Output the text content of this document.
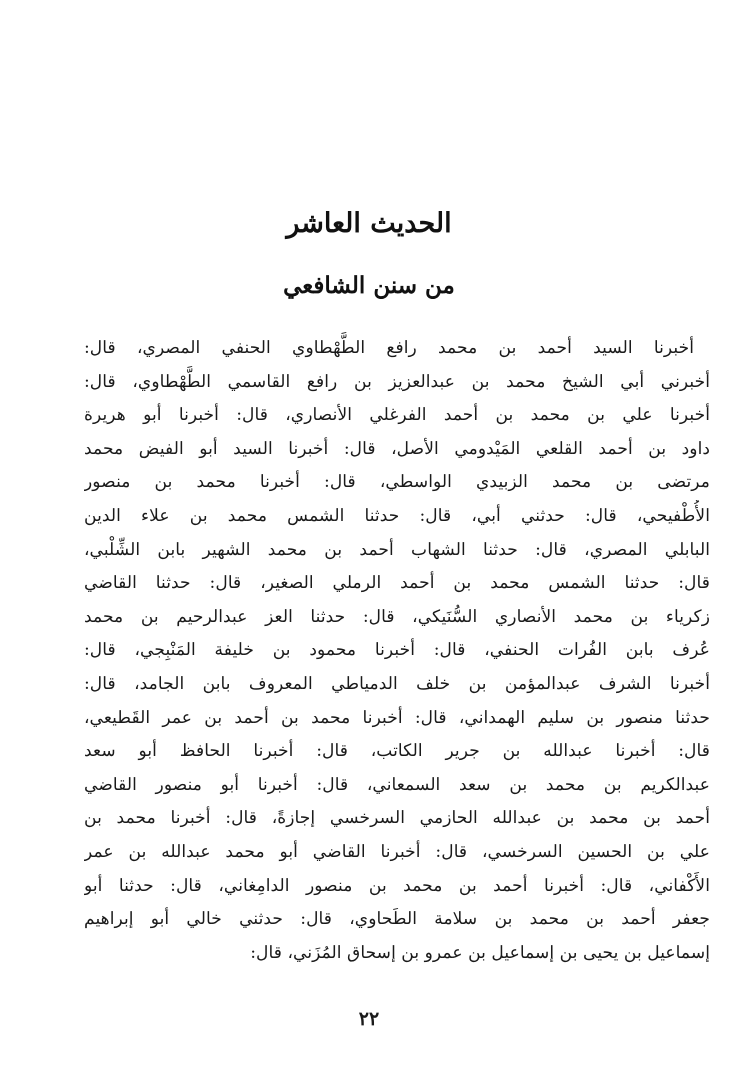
الحديث العاشر
من سنن الشافعي
أخبرنا السيد أحمد بن محمد رافع الطَّهْطاوي الحنفي المصري، قال:
أخبرني أبي الشيخ محمد بن عبدالعزيز بن رافع القاسمي الطَّهْطاوي، قال:
أخبرنا علي بن محمد بن أحمد الفرغلي الأنصاري، قال: أخبرنا أبو هريرة
داود بن أحمد القلعي المَيْدومي الأصل، قال: أخبرنا السيد أبو الفيض محمد
مرتضى بن محمد الزبيدي الواسطي، قال: أخبرنا محمد بن منصور
الأُطْفيحي، قال: حدثني أبي، قال: حدثنا الشمس محمد بن علاء الدين
البابلي المصري، قال: حدثنا الشهاب أحمد بن محمد الشهير بابن الشِّلْبي،
قال: حدثنا الشمس محمد بن أحمد الرملي الصغير، قال: حدثنا القاضي
زكرياء بن محمد الأنصاري السُّنَيكي، قال: حدثنا العز عبدالرحيم بن محمد
عُرف بابن الفُرات الحنفي، قال: أخبرنا محمود بن خليفة المَنْبِجي، قال:
أخبرنا الشرف عبدالمؤمن بن خلف الدمياطي المعروف بابن الجامد، قال:
حدثنا منصور بن سليم الهمداني، قال: أخبرنا محمد بن أحمد بن عمر القَطيعي،
قال: أخبرنا عبدالله بن جرير الكاتب، قال: أخبرنا الحافظ أبو سعد
عبدالكريم بن محمد بن سعد السمعاني، قال: أخبرنا أبو منصور القاضي
أحمد بن محمد بن عبدالله الحازمي السرخسي إجازةً، قال: أخبرنا محمد بن
علي بن الحسين السرخسي، قال: أخبرنا القاضي أبو محمد عبدالله بن عمر
الأَكْفاني، قال: أخبرنا أحمد بن محمد بن منصور الدامِغاني، قال: حدثنا أبو
جعفر أحمد بن محمد بن سلامة الطَحاوي، قال: حدثني خالي أبو إبراهيم
إسماعيل بن يحيى بن إسماعيل بن عمرو بن إسحاق المُزَني، قال:
٢٢
